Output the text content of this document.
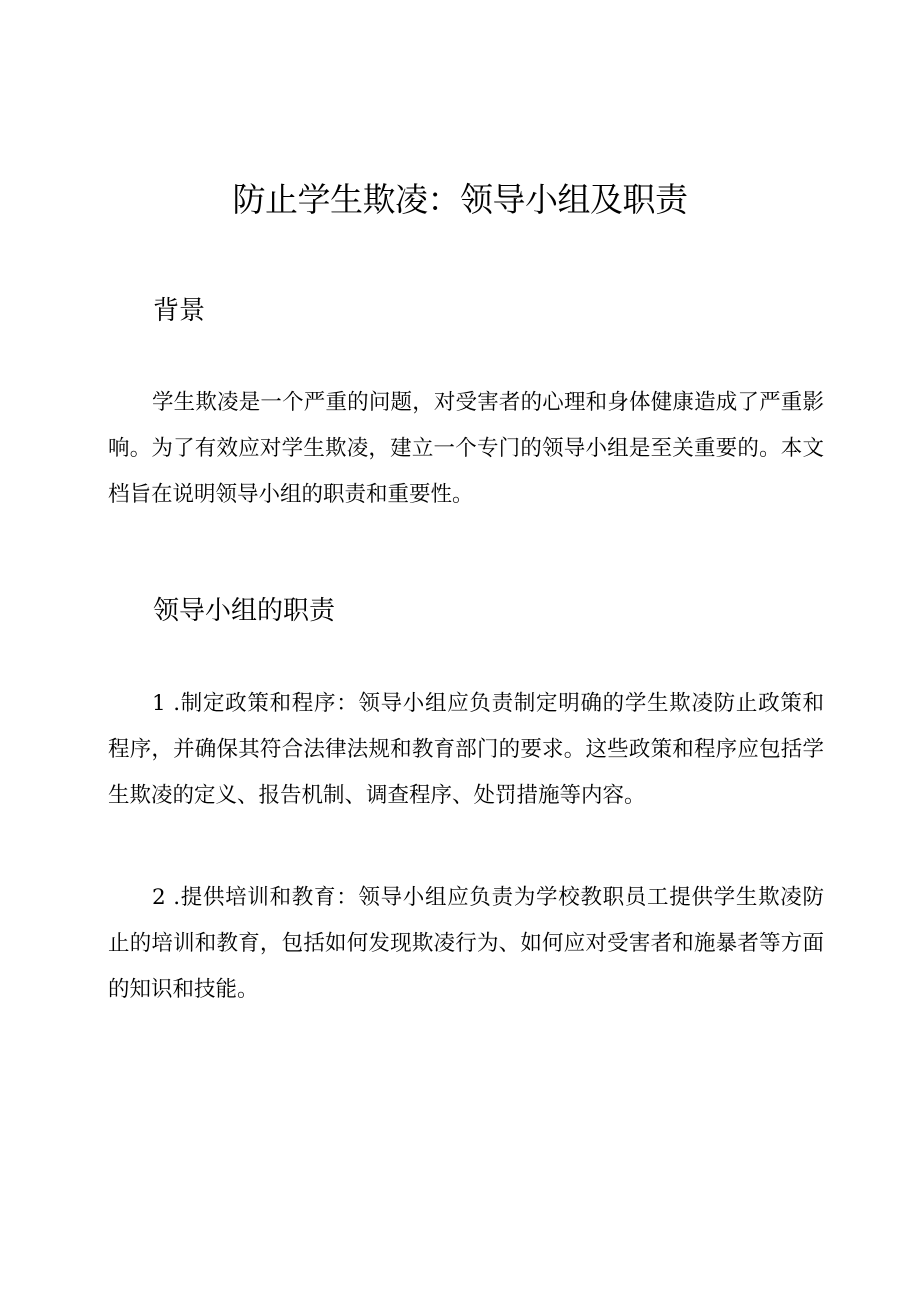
防止学生欺凌：领导小组及职责
背景

学生欺凌是一个严重的问题，对受害者的心理和身体健康造成了严重影响。为了有效应对学生欺凌，建立一个专门的领导小组是至关重要的。本文档旨在说明领导小组的职责和重要性。

领导小组的职责

1 .制定政策和程序：领导小组应负责制定明确的学生欺凌防止政策和程序，并确保其符合法律法规和教育部门的要求。这些政策和程序应包括学生欺凌的定义、报告机制、调查程序、处罚措施等内容。

2 .提供培训和教育：领导小组应负责为学校教职员工提供学生欺凌防止的培训和教育，包括如何发现欺凌行为、如何应对受害者和施暴者等方面的知识和技能。
